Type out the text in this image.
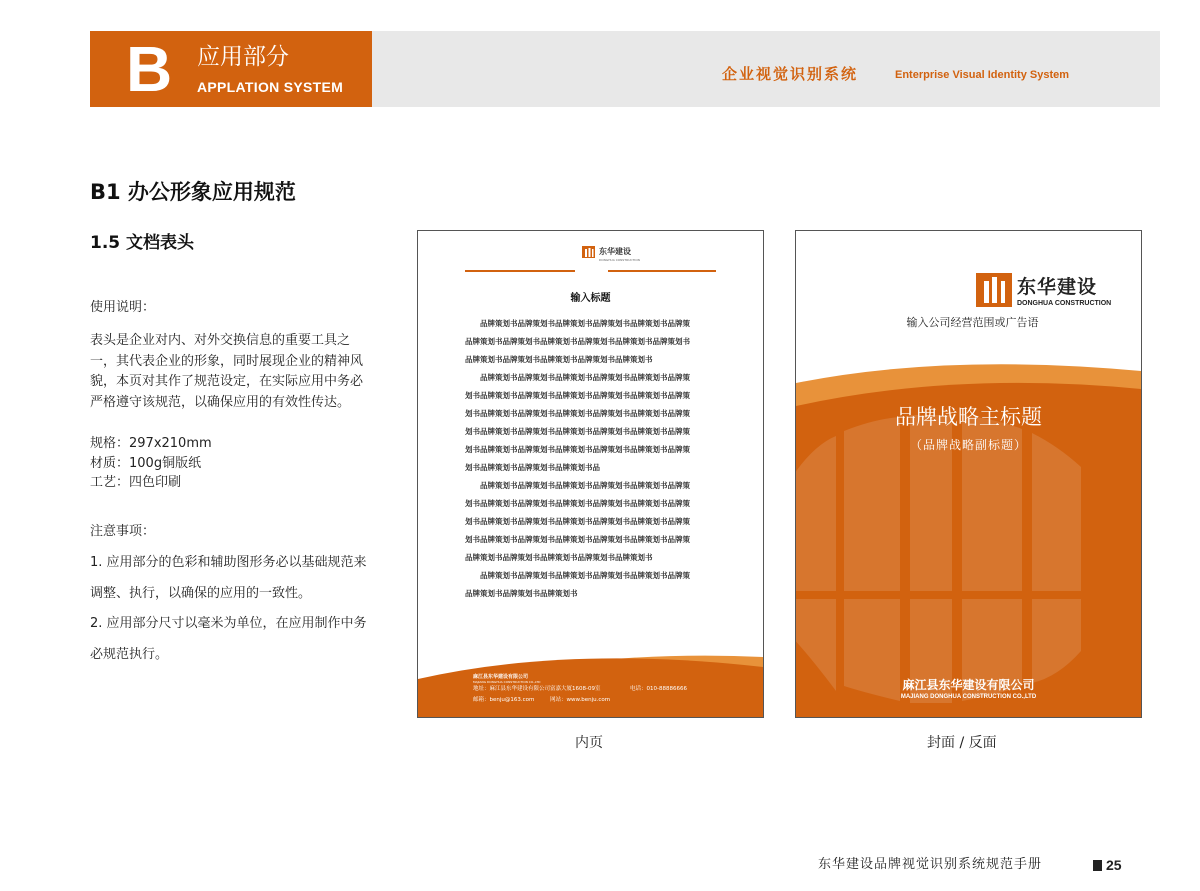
B 应用部分
APPLATION SYSTEM
企业视觉识别系统	Enterprise Visual Identity System
B1 办公形象应用规范
1.5 文档表头
使用说明：
表头是企业对内、对外交换信息的重要工具之一，其代表企业的形象，同时展现企业的精神风貌，本页对其作了规范设定，在实际应用中务必严格遵守该规范，以确保应用的有效性传达。
规格：297x210mm
材质：100g铜版纸
工艺：四色印刷
注意事项：
1. 应用部分的色彩和辅助图形务必以基础规范来调整、执行，以确保的应用的一致性。
2. 应用部分尺寸以毫米为单位，在应用制作中务必规范执行。
东华建设
DONGHUA CONSTRUCTION
输入标题

　　品牌策划书品牌策划书品牌策划书品牌策划书品牌策划书品牌策

品牌策划书品牌策划书品牌策划书品牌策划书品牌策划书品牌策划书

品牌策划书品牌策划书品牌策划书品牌策划书品牌策划书

　　品牌策划书品牌策划书品牌策划书品牌策划书品牌策划书品牌策

划书品牌策划书品牌策划书品牌策划书品牌策划书品牌策划书品牌策

划书品牌策划书品牌策划书品牌策划书品牌策划书品牌策划书品牌策

划书品牌策划书品牌策划书品牌策划书品牌策划书品牌策划书品牌策

划书品牌策划书品牌策划书品牌策划书品牌策划书品牌策划书品牌策

划书品牌策划书品牌策划书品牌策划书品

　　品牌策划书品牌策划书品牌策划书品牌策划书品牌策划书品牌策

划书品牌策划书品牌策划书品牌策划书品牌策划书品牌策划书品牌策

划书品牌策划书品牌策划书品牌策划书品牌策划书品牌策划书品牌策

划书品牌策划书品牌策划书品牌策划书品牌策划书品牌策划书品牌策

品牌策划书品牌策划书品牌策划书品牌策划书品牌策划书

　　品牌策划书品牌策划书品牌策划书品牌策划书品牌策划书品牌策

品牌策划书品牌策划书品牌策划书

麻江县东华建设有限公司
MAJIANG DONGHUA CONSTRUCTION CO.,LTD
地址：麻江县东华建设有限公司富嘉大厦1608-09室	电话：010-88886666
邮箱：benju@163.com	网站：www.benju.com
内页
东华建设
DONGHUA CONSTRUCTION
输入公司经营范围或广告语
品牌战略主标题
（品牌战略副标题）
麻江县东华建设有限公司
MAJIANG DONGHUA CONSTRUCTION CO.,LTD
封面 / 反面
东华建设品牌视觉识别系统规范手册	25
